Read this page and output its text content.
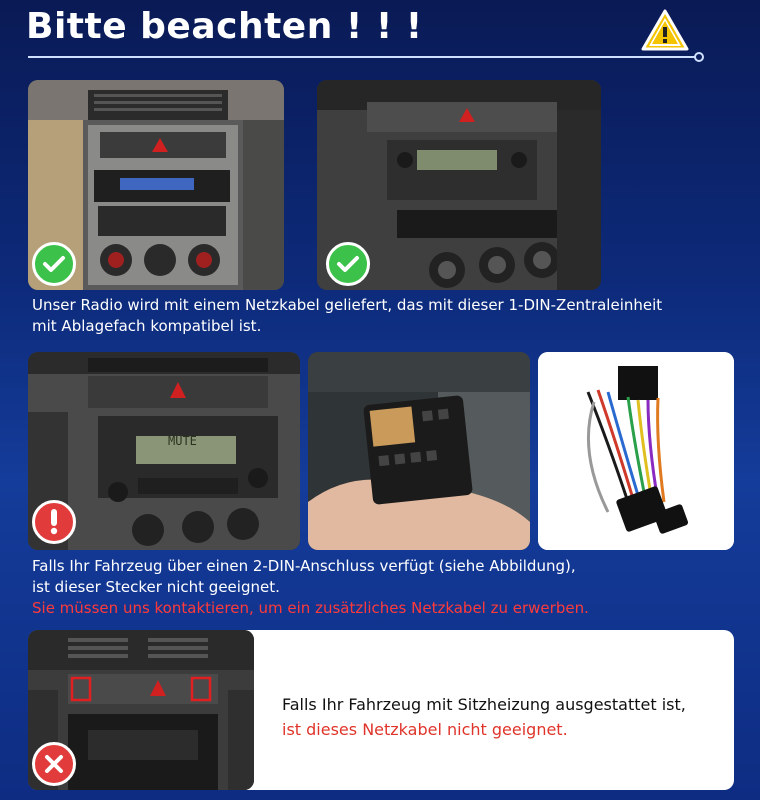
Bitte beachten ! ! !
Unser Radio wird mit einem Netzkabel geliefert, das mit dieser 1-DIN-Zentraleinheit
mit Ablagefach kompatibel ist.
MUTE
Falls Ihr Fahrzeug über einen 2-DIN-Anschluss verfügt (siehe Abbildung),
ist dieser Stecker nicht geeignet.
Sie müssen uns kontaktieren, um ein zusätzliches Netzkabel zu erwerben.
Falls Ihr Fahrzeug mit Sitzheizung ausgestattet ist,
ist dieses Netzkabel nicht geeignet.
